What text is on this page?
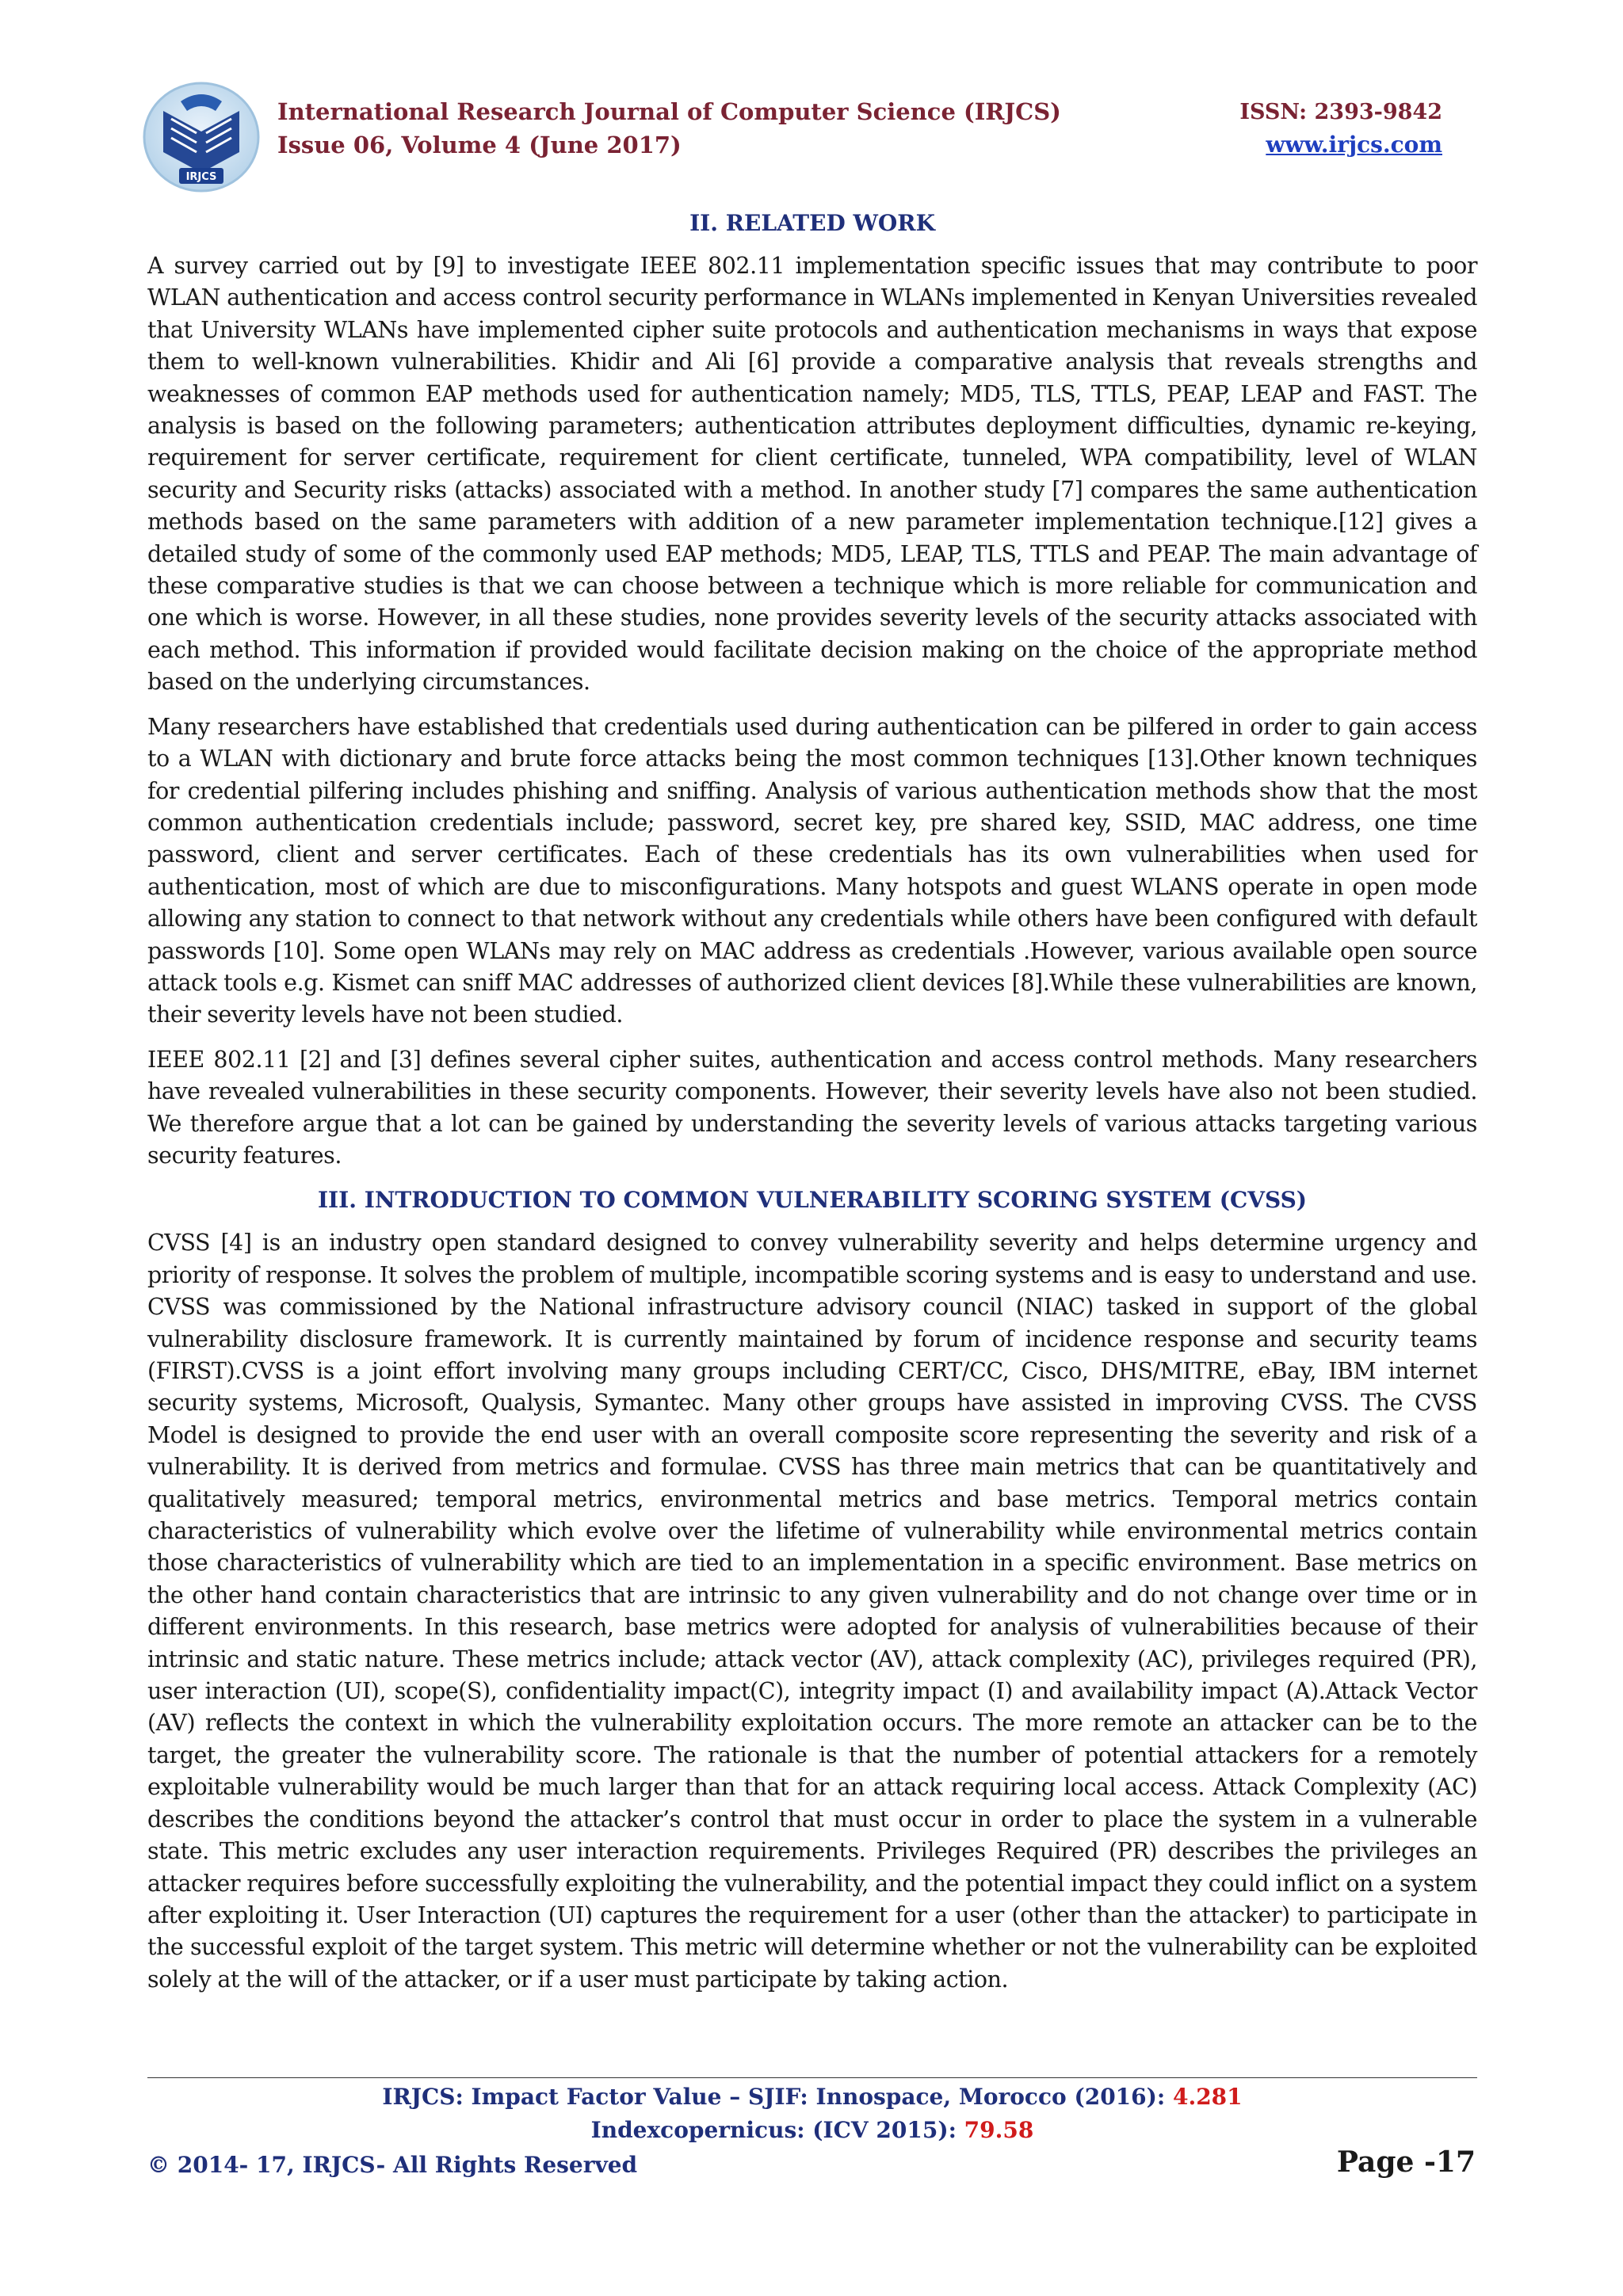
IRJCS
International Research Journal of Computer Science (IRJCS)
Issue 06, Volume 4 (June 2017)
ISSN: 2393-9842
www.irjcs.com
II. RELATED WORK

A survey carried out by [9] to investigate IEEE 802.11 implementation specific issues that may contribute to poor WLAN authentication and access control security performance in WLANs implemented in Kenyan Universities revealed that University WLANs have implemented cipher suite protocols and authentication mechanisms in ways that expose them to well-known vulnerabilities. Khidir and Ali [6] provide a comparative analysis that reveals strengths and weaknesses of common EAP methods used for authentication namely; MD5, TLS, TTLS, PEAP, LEAP and FAST. The analysis is based on the following parameters; authentication attributes deployment difficulties, dynamic re-keying, requirement for server certificate, requirement for client certificate, tunneled, WPA compatibility, level of WLAN security and Security risks (attacks) associated with a method. In another study [7] compares the same authentication methods based on the same parameters with addition of a new parameter implementation technique.[12] gives a detailed study of some of the commonly used EAP methods; MD5, LEAP, TLS, TTLS and PEAP. The main advantage of these comparative studies is that we can choose between a technique which is more reliable for communication and one which is worse. However, in all these studies, none provides severity levels of the security attacks associated with each method. This information if provided would facilitate decision making on the choice of the appropriate method based on the underlying circumstances.

Many researchers have established that credentials used during authentication can be pilfered in order to gain access to a WLAN with dictionary and brute force attacks being the most common techniques [13].Other known techniques for credential pilfering includes phishing and sniffing. Analysis of various authentication methods show that the most common authentication credentials include; password, secret key, pre shared key, SSID, MAC address, one time password, client and server certificates. Each of these credentials has its own vulnerabilities when used for authentication, most of which are due to misconfigurations. Many hotspots and guest WLANS operate in open mode allowing any station to connect to that network without any credentials while others have been configured with default passwords [10]. Some open WLANs may rely on MAC address as credentials .However, various available open source attack tools e.g. Kismet can sniff MAC addresses of authorized client devices [8].While these vulnerabilities are known, their severity levels have not been studied.

IEEE 802.11 [2] and [3] defines several cipher suites, authentication and access control methods. Many researchers have revealed vulnerabilities in these security components. However, their severity levels have also not been studied. We therefore argue that a lot can be gained by understanding the severity levels of various attacks targeting various security features.

III. INTRODUCTION TO COMMON VULNERABILITY SCORING SYSTEM (CVSS)

CVSS [4] is an industry open standard designed to convey vulnerability severity and helps determine urgency and priority of response. It solves the problem of multiple, incompatible scoring systems and is easy to understand and use. CVSS was commissioned by the National infrastructure advisory council (NIAC) tasked in support of the global vulnerability disclosure framework. It is currently maintained by forum of incidence response and security teams (FIRST).CVSS is a joint effort involving many groups including CERT/CC, Cisco, DHS/MITRE, eBay, IBM internet security systems, Microsoft, Qualysis, Symantec. Many other groups have assisted in improving CVSS. The CVSS Model is designed to provide the end user with an overall composite score representing the severity and risk of a vulnerability. It is derived from metrics and formulae. CVSS has three main metrics that can be quantitatively and qualitatively measured; temporal metrics, environmental metrics and base metrics. Temporal metrics contain characteristics of vulnerability which evolve over the lifetime of vulnerability while environmental metrics contain those characteristics of vulnerability which are tied to an implementation in a specific environment. Base metrics on the other hand contain characteristics that are intrinsic to any given vulnerability and do not change over time or in different environments. In this research, base metrics were adopted for analysis of vulnerabilities because of their intrinsic and static nature. These metrics include; attack vector (AV), attack complexity (AC), privileges required (PR), user interaction (UI), scope(S), confidentiality impact(C), integrity impact (I) and availability impact (A).Attack Vector (AV) reflects the context in which the vulnerability exploitation occurs. The more remote an attacker can be to the target, the greater the vulnerability score. The rationale is that the number of potential attackers for a remotely exploitable vulnerability would be much larger than that for an attack requiring local access. Attack Complexity (AC) describes the conditions beyond the attacker’s control that must occur in order to place the system in a vulnerable state. This metric excludes any user interaction requirements. Privileges Required (PR) describes the privileges an attacker requires before successfully exploiting the vulnerability, and the potential impact they could inflict on a system after exploiting it. User Interaction (UI) captures the requirement for a user (other than the attacker) to participate in the successful exploit of the target system. This metric will determine whether or not the vulnerability can be exploited solely at the will of the attacker, or if a user must participate by taking action.

IRJCS: Impact Factor Value – SJIF: Innospace, Morocco (2016): 4.281
Indexcopernicus: (ICV 2015): 79.58
© 2014- 17, IRJCS- All Rights Reserved	Page -17
